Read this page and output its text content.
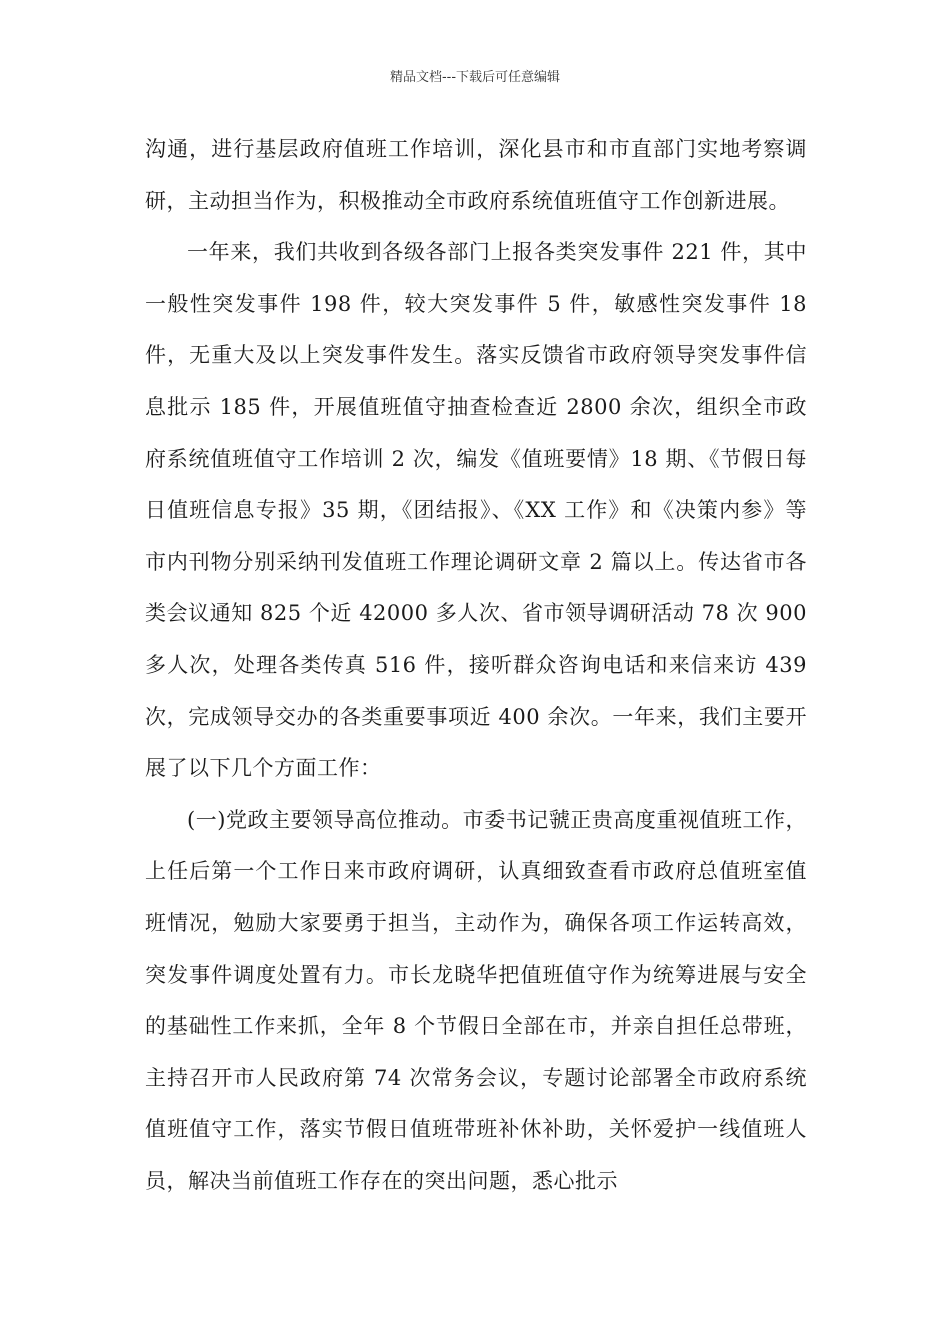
精品文档---下载后可任意编辑

沟通，进行基层政府值班工作培训，深化县市和市直部门实地考察调研，主动担当作为，积极推动全市政府系统值班值守工作创新进展。

一年来，我们共收到各级各部门上报各类突发事件 221 件，其中一般性突发事件 198 件，较大突发事件 5 件，敏感性突发事件 18 件，无重大及以上突发事件发生。落实反馈省市政府领导突发事件信息批示 185 件，开展值班值守抽查检查近 2800 余次，组织全市政府系统值班值守工作培训 2 次，编发《值班要情》18 期、《节假日每日值班信息专报》35 期，《团结报》、《XX 工作》和《决策内参》等市内刊物分别采纳刊发值班工作理论调研文章 2 篇以上。传达省市各类会议通知 825 个近 42000 多人次、省市领导调研活动 78 次 900 多人次，处理各类传真 516 件，接听群众咨询电话和来信来访 439 次，完成领导交办的各类重要事项近 400 余次。一年来，我们主要开展了以下几个方面工作：

(一)党政主要领导高位推动。市委书记虢正贵高度重视值班工作，上任后第一个工作日来市政府调研，认真细致查看市政府总值班室值班情况，勉励大家要勇于担当，主动作为，确保各项工作运转高效，突发事件调度处置有力。市长龙晓华把值班值守作为统筹进展与安全的基础性工作来抓，全年 8 个节假日全部在市，并亲自担任总带班，主持召开市人民政府第 74 次常务会议，专题讨论部署全市政府系统值班值守工作，落实节假日值班带班补休补助，关怀爱护一线值班人员，解决当前值班工作存在的突出问题，悉心批示
